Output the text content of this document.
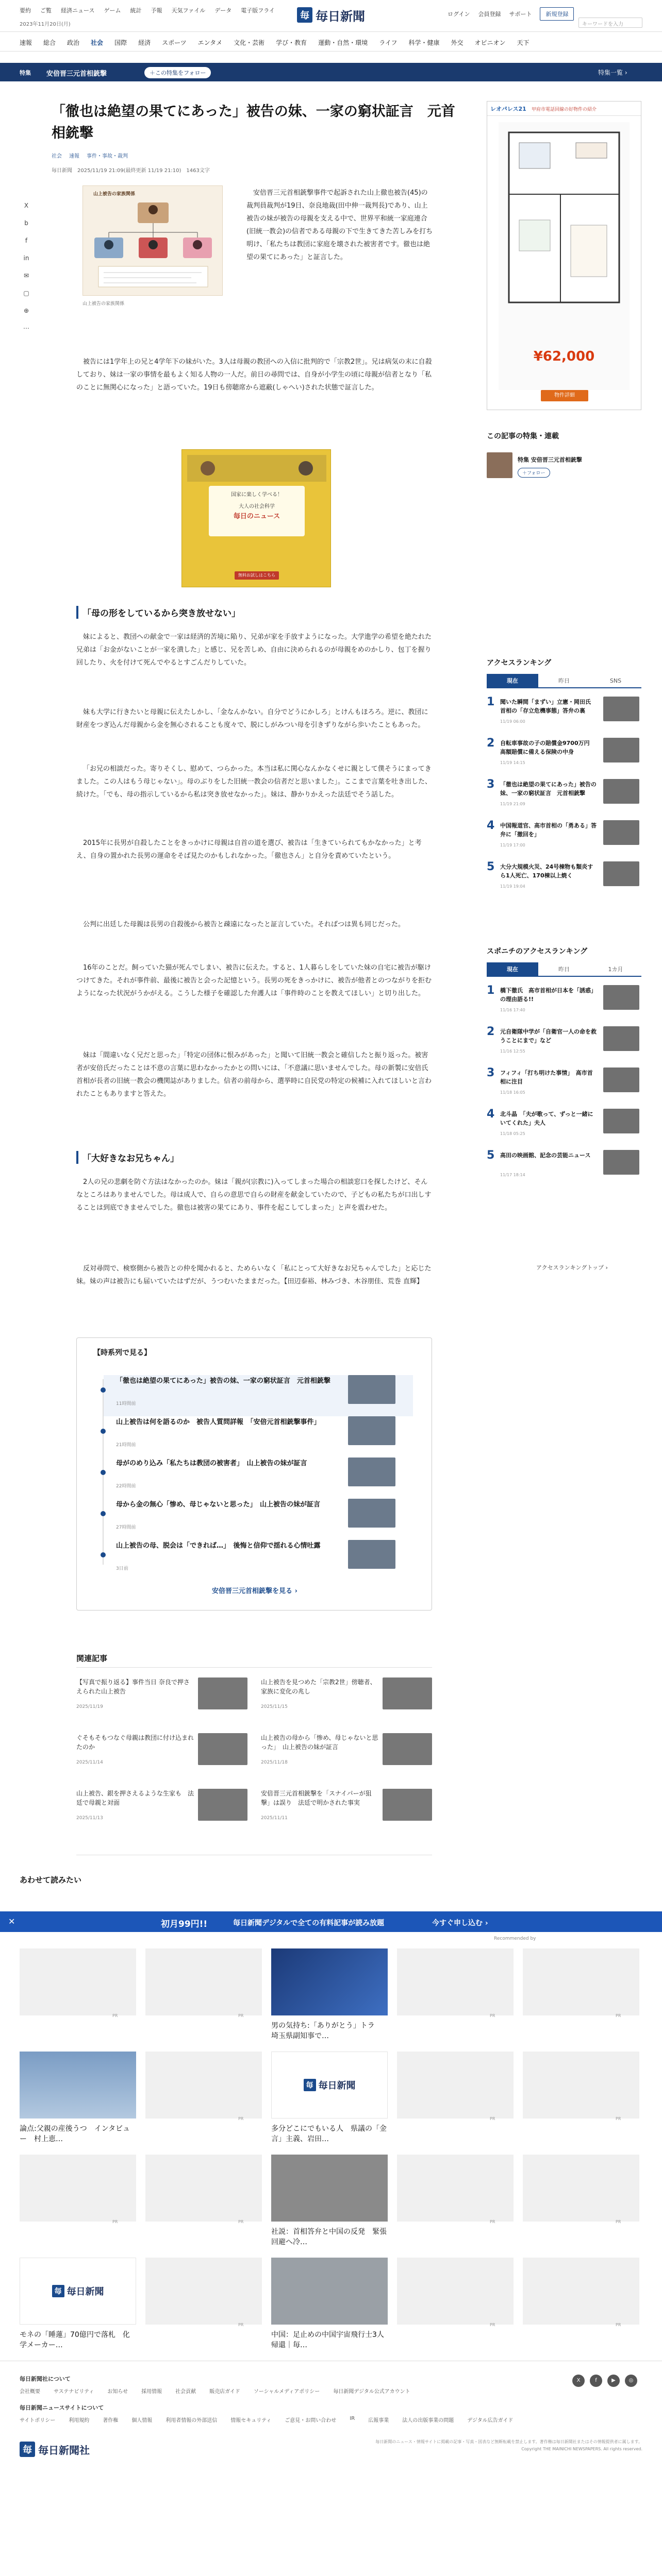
要約 ご覧 経済ニュース ゲーム 統計 予報 天気ファイル データ 電子版フライ
2023年11月20日(月)
毎 毎日新聞	ログイン 会員登録 サポート	新規登録
キーワードを入力
速報 総合 政治 社会 国際 経済 スポーツ エンタメ 文化・芸術 学び・教育 運動・自然・環境 ライフ 科学・健康 外交 オピニオン 天下
特集 安倍晋三元首相銃撃	＋この特集をフォロー	特集一覧 ›
「徹也は絶望の果てにあった」被告の妹、一家の窮状証言　元首相銃撃
社会 速報 事件・事故・裁判
毎日新聞　2025/11/19 21:09(最終更新 11/19 21:10)　1463文字
X
b
f
in
✉
▢
⊕
⋯
山上被告の家族関係
山上被告の家族関係
安倍晋三元首相銃撃事件で起訴された山上徹也被告(45)の裁判員裁判が19日、奈良地裁(田中伸一裁判長)であり、山上被告の妹が被告の母親を支える中で、世界平和統一家庭連合(旧統一教会)の信者である母親の下で生きてきた苦しみを打ち明け、「私たちは教団に家庭を壊された被害者です。徹也は絶望の果てにあった」と証言した。
被告には1学年上の兄と4学年下の妹がいた。3人は母親の教団への入信に批判的で「宗教2世」。兄は病気の末に自殺しており、妹は一家の事情を最もよく知る人物の一人だ。前日の尋問では、自身が小学生の頃に母親が信者となり「私のことに無関心になった」と語っていた。19日も傍聴席から遮蔽(しゃへい)された状態で証言した。
国家に楽しく学べる！
大人の社会科学
毎日のニュース
無料お試しはこちら
「母の形をしているから突き放せない」
妹によると、教団への献金で一家は経済的苦境に陥り、兄弟が家を手放すようになった。大学進学の希望を絶たれた兄弟は「お金がないことが一家を潰した」と感じ、兄を苦しめ、自由に決められるのが母親をめのかしり、包丁を握り回したり、火を付けて死んでやるとすごんだりしていた。
妹も大学に行きたいと母親に伝えたしかし、「金なんかない。自分でどうにかしろ」とけんもほろろ。逆に、教団に財産をつぎ込んだ母親から金を無心されることも度々で、脱にしがみつい母を引きずりながら歩いたこともあった。
「お兄の相談だった。寄りそくし、慰めて、つらかった。本当は私に関心なんかなくせに親として僕そうにまってきました。この人はもう母じゃない」。母のぶりをした旧統一教会の信者だと思いました」。ここまで言葉を吐き出した、続けた。「でも、母の指示しているから私は突き放せなかった」。妹は、静かりかえった法廷でそう話した。
2015年に長男が自殺したことをきっかけに母親は自首の道を選び、被告は「生きていられてもかなかった」と考え、自身の置かれた長男の運命をそば見たのかもしれなかった。「徹也さん」と自分を責めていたという。
公判に出廷した母親は長男の自殺後から被告と疎遠になったと証言していた。そればつは異も同じだった。
16年のことだ。飼っていた猫が死んでしまい、被告に伝えた。すると、1人暮らしをしていた妹の自宅に被告が駆けつけてきた。それが事件前、最後に被告と会った記憶という。長男の死をきっかけに、被告が他者とのつながりを拒むようになった状況がうかがえる。こうした様子を確認した弁護人は「事件時のことを教えてほしい」と切り出した。
妹は「間違いなく兄だと思った」「特定の団体に恨みがあった」と聞いて旧統一教会と確信したと振り返った。被害者が安倍氏だったことは不意の言葉に思わなかったかとの問いには、「不意議に思いませんでした。母の新製に安倍氏首相が長者の旧統一教会の機関誌がありました。信者の前母から、選挙時に自民党の特定の候補に入れてほしいと言われたこともありますと答えた。
「大好きなお兄ちゃん」
2人の兄の悲劇を防ぐ方法はなかったのか。妹は「親が(宗教に)入ってしまった場合の相談窓口を探したけど、そんなところはありませんでした。母は成人で、自らの意思で自らの財産を献金していたので、子どもの私たちが口出しすることは到底できませんでした。徹也は被害の果てにあり、事件を起こしてしまった」と声を震わせた。
反対尋問で、検察側から被告との仲を聞かれると、ためらいなく「私にとって大好きなお兄ちゃんでした」と応じた妹。妹の声は被告にも届いていたはずだが、うつむいたままだった。【田辺泰裕、林みづき、木谷朋佳、荒巻 直輝】
【時系列で見る】
「徹也は絶望の果てにあった」被告の妹、一家の窮状証言　元首相銃撃
11時間前
山上被告は何を語るのか　被告人質問詳報　「安倍元首相銃撃事件」
21時間前
母がのめり込み「私たちは教団の被害者」　山上被告の妹が証言
22時間前
母から金の無心「惨め、母じゃないと思った」　山上被告の妹が証言
27時間前
山上被告の母、脱会は「できれば…」　後悔と信仰で揺れる心情吐露
3日前
安倍晋三元首相銃撃を見る ›
関連記事
【写真で振り返る】事件当日 奈良で押さえられた山上被告
2025/11/19
山上被告を見つめた「宗教2世」傍聴者、家族に変化の兆し
2025/11/15
ぐそもそもつなぐ母親は教団に付け込まれたのか
2025/11/14
山上被告の母から「惨め、母じゃないと思った」　山上被告の妹が証言
2025/11/18
山上被告、銀を押さえるような生家も　法廷で母親と対面
2025/11/13
安倍晋三元首相銃撃を「スナイパーが狙撃」は誤り　法廷で明かされた事実
2025/11/11
あわせて読みたい
✕	初月99円!!	毎日新聞デジタルで全ての有料記事が読み放題	今すぐ申し込む ›
Recommended by
PR	PR
男の気持ち:「ありがとう」トラ　埼玉県副知事で…
PR	PR
論点:父親の産後うつ　インタビュー　村上恵…
PR
毎 毎日新聞
多分どこにでもいる人　県議の「金言」主義、岩田…
PR	PR
PR	PR
社説：首相答弁と中国の反発　緊張回避へ冷…
PR	PR
毎 毎日新聞
モネの「睡蓮」70億円で落札　化学メーカー…
PR
中国：足止めの中国宇宙飛行士3人帰還｜毎…
PR	PR
レオパレス21 甲府市電話回線の好物件の紹介
¥62,000
物件詳細
この記事の特集・連載
特集 安倍晋三元首相銃撃
＋フォロー
アクセスランキング
現在	昨日	SNS
1 聞いた瞬間「まずい」立憲・岡田氏　首相の「存立危機事態」答弁の裏
11/19 06:00
2 自転車事故の子の賠償金9700万円　高額賠償に備える保険の中身
11/19 14:15
3 「徹也は絶望の果てにあった」被告の妹、一家の窮状証言　元首相銃撃
11/19 21:09
4 中国報道官、高市首相の「勇ある」答弁に「撤回を」
11/19 17:00
5 大分大規模火災、24号棟物も類炎すら1人死亡、170棟以上焼く
11/19 19:04
スポニチのアクセスランキング
現在	昨日	1カ月
1 橋下徹氏　高市首相が日本を「誘惑」の理由語る!!
11/16 17:40
2 元自衛隊中学が「自衛官一人の命を救うことにまで」など
11/16 12:55
3 フィフィ「打ち明けた事情」　高市首相に注目
11/18 16:05
4 北斗晶　「夫が歌って、ずっと一緒にいてくれた」夫人
11/18 05:25
5 高田の映画館、記念の芸能ニュース
11/17 18:14
アクセスランキングトップ ›
毎日新聞社について
会社概要	サステナビリティ	お知らせ	採用情報	社会貢献	販売店ガイド	ソーシャルメディアポリシー	毎日新聞デジタル公式アカウント
毎日新聞ニュースサイトについて
サイトポリシー	利用規約	著作権	個人情報	利用者情報の外部送信	情報セキュリティ	ご意見・お問い合わせ	IR	広報事業	法人の出版事業の問題	デジタル広告ガイド
X	f	▶	◎
毎 毎日新聞社
毎日新聞のニュース・情報サイトに掲載の記事・写真・図表など無断転載を禁止します。著作権は毎日新聞社またはその情報提供者に属します。
Copyright THE MAINICHI NEWSPAPERS. All rights reserved.
